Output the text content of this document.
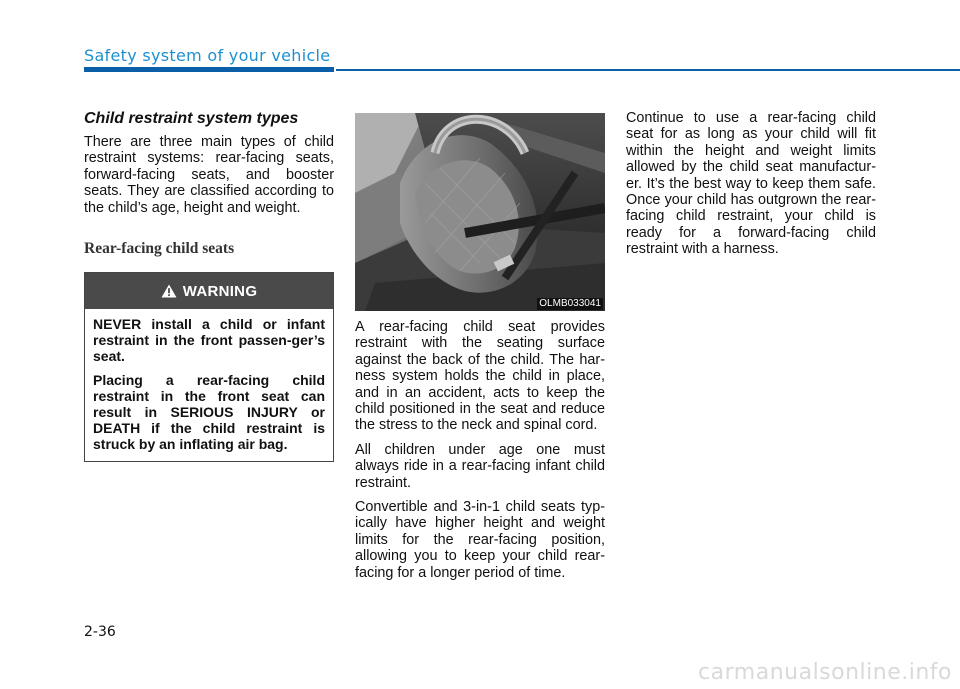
Safety system of your vehicle
Child restraint system types

There are three main types of child restraint systems: rear-facing seats, forward-facing seats, and booster seats. They are classified according to the child’s age, height and weight.

Rear-facing child seats
WARNING

NEVER install a child or infant restraint in the front passen-ger’s seat.

Placing a rear-facing child restraint in the front seat can result in SERIOUS INJURY or DEATH if the child restraint is struck by an inflating air bag.

OLMB033041

A rear-facing child seat provides restraint with the seating surface against the back of the child. The har-ness system holds the child in place, and in an accident, acts to keep the child positioned in the seat and reduce the stress to the neck and spinal cord.

All children under age one must always ride in a rear-facing infant child restraint.

Convertible and 3-in-1 child seats typ-ically have higher height and weight limits for the rear-facing position, allowing you to keep your child rear-facing for a longer period of time.

Continue to use a rear-facing child seat for as long as your child will fit within the height and weight limits allowed by the child seat manufactur-er. It’s the best way to keep them safe. Once your child has outgrown the rear-facing child restraint, your child is ready for a forward-facing child restraint with a harness.

2-36
carmanualsonline.info
